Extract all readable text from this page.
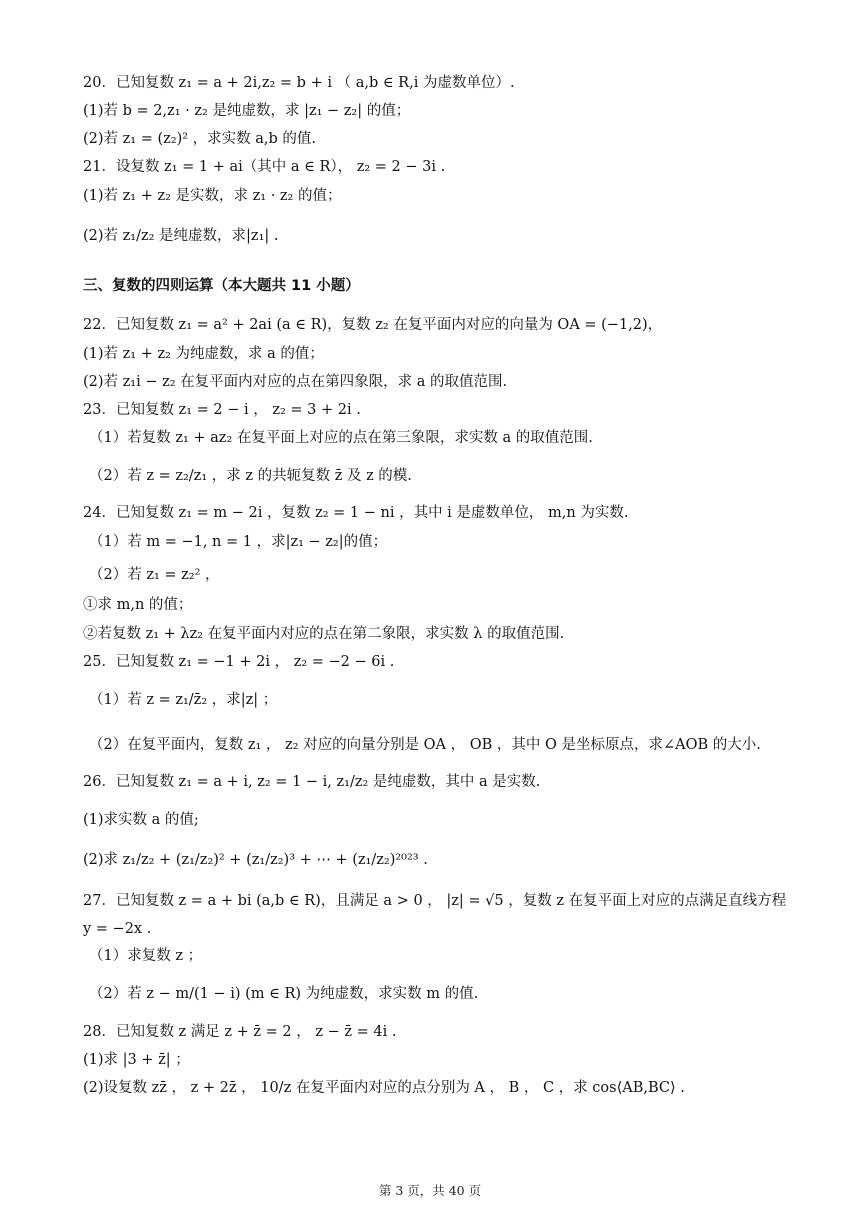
20．已知复数 z₁ = a + 2i,z₂ = b + i （ a,b ∈ R,i 为虚数单位）.
(1)若 b = 2,z₁ · z₂ 是纯虚数，求 |z₁ − z₂| 的值；
(2)若 z₁ = (z₂)² ，求实数 a,b 的值.
21．设复数 z₁ = 1 + ai（其中 a ∈ R）， z₂ = 2 − 3i .
(1)若 z₁ + z₂ 是实数，求 z₁ · z₂ 的值；
(2)若 z₁/z₂ 是纯虚数，求|z₁| .
三、复数的四则运算（本大题共 11 小题）
22．已知复数 z₁ = a² + 2ai (a ∈ R)，复数 z₂ 在复平面内对应的向量为 OA = (−1,2)，
(1)若 z₁ + z₂ 为纯虚数，求 a 的值；
(2)若 z₁i − z₂ 在复平面内对应的点在第四象限，求 a 的取值范围.
23．已知复数 z₁ = 2 − i ， z₂ = 3 + 2i .
（1）若复数 z₁ + az₂ 在复平面上对应的点在第三象限，求实数 a 的取值范围.
（2）若 z = z₂/z₁ ，求 z 的共轭复数 z̄ 及 z 的模.
24．已知复数 z₁ = m − 2i ，复数 z₂ = 1 − ni ，其中 i 是虚数单位， m,n 为实数.
（1）若 m = −1, n = 1 ，求|z₁ − z₂|的值；
（2）若 z₁ = z₂² ，
①求 m,n 的值；
②若复数 z₁ + λz₂ 在复平面内对应的点在第二象限，求实数 λ 的取值范围.
25．已知复数 z₁ = −1 + 2i ， z₂ = −2 − 6i .
（1）若 z = z₁/z̄₂ ，求|z| ；
（2）在复平面内，复数 z₁ ， z₂ 对应的向量分别是 OA ， OB ，其中 O 是坐标原点，求∠AOB 的大小.
26．已知复数 z₁ = a + i, z₂ = 1 − i, z₁/z₂ 是纯虚数，其中 a 是实数.
(1)求实数 a 的值;
(2)求 z₁/z₂ + (z₁/z₂)² + (z₁/z₂)³ + ⋯ + (z₁/z₂)²⁰²³ .
27．已知复数 z = a + bi (a,b ∈ R)，且满足 a > 0 ， |z| = √5 ，复数 z 在复平面上对应的点满足直线方程
y = −2x .
（1）求复数 z ；
（2）若 z − m/(1 − i) (m ∈ R) 为纯虚数，求实数 m 的值.
28．已知复数 z 满足 z + z̄ = 2 ， z − z̄ = 4i .
(1)求 |3 + z̄| ；
(2)设复数 zz̄ ， z + 2z̄ ， 10/z 在复平面内对应的点分别为 A ， B ， C ，求 cos⟨AB,BC⟩ .
第 3 页，共 40 页
